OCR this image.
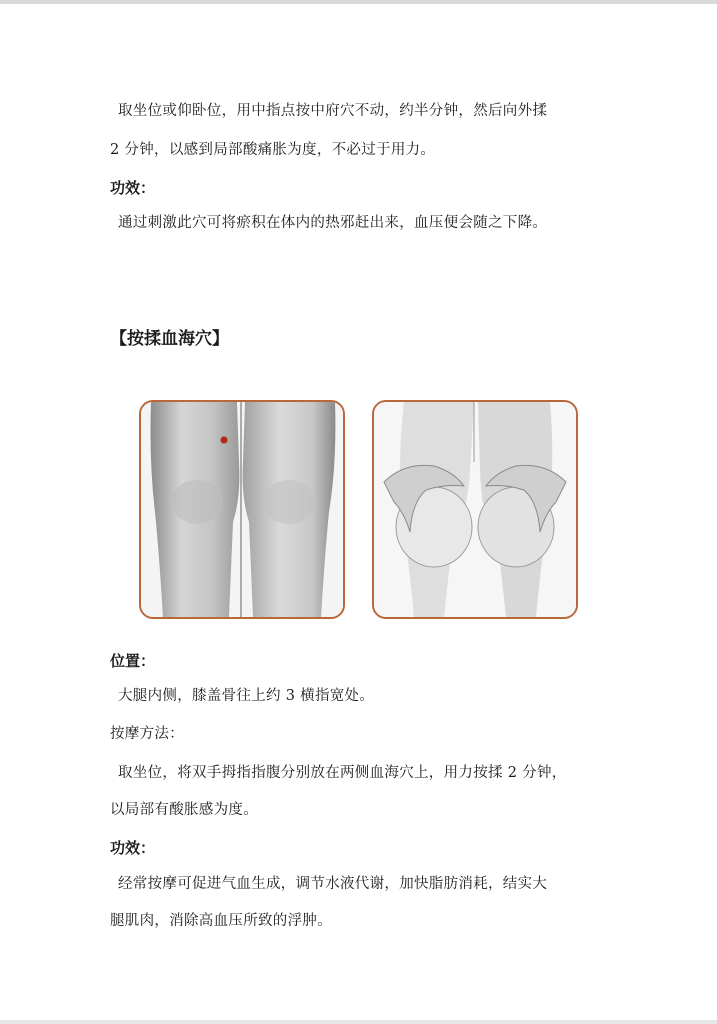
取坐位或仰卧位，用中指点按中府穴不动，约半分钟，然后向外揉
2 分钟，以感到局部酸痛胀为度，不必过于用力。
功效：
通过刺激此穴可将瘀积在体内的热邪赶出来，血压便会随之下降。
【按揉血海穴】
位置：
大腿内侧，膝盖骨往上约 3 横指宽处。
按摩方法：
取坐位，将双手拇指指腹分别放在两侧血海穴上，用力按揉 2 分钟，
以局部有酸胀感为度。
功效：
经常按摩可促进气血生成，调节水液代谢，加快脂肪消耗，结实大
腿肌肉，消除高血压所致的浮肿。
